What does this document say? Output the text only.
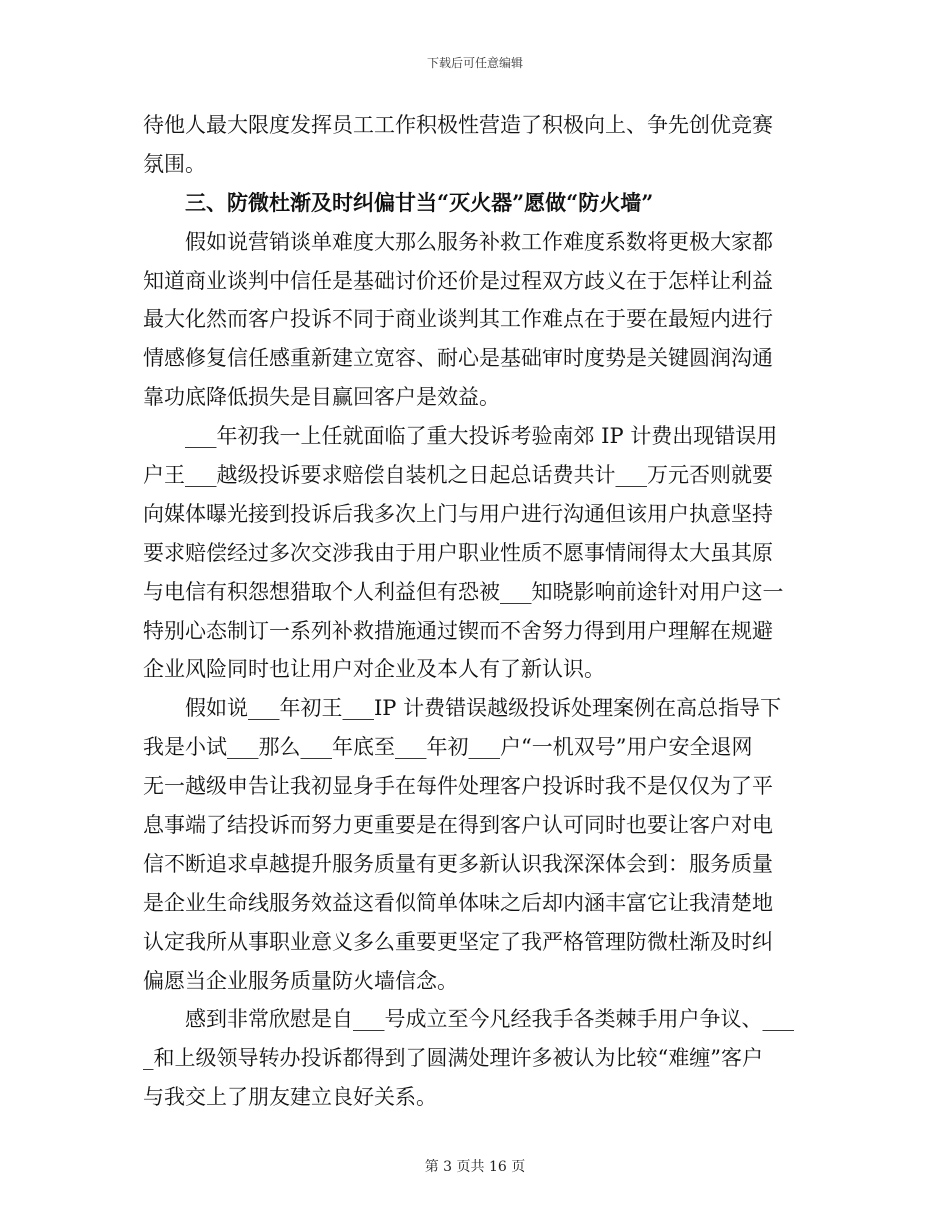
下载后可任意编辑
待他人最大限度发挥员工工作积极性营造了积极向上、争先创优竞赛
氛围。
　　三、防微杜渐及时纠偏甘当“灭火器”愿做“防火墙”
　　假如说营销谈单难度大那么服务补救工作难度系数将更极大家都
知道商业谈判中信任是基础讨价还价是过程双方歧义在于怎样让利益
最大化然而客户投诉不同于商业谈判其工作难点在于要在最短内进行
情感修复信任感重新建立宽容、耐心是基础审时度势是关键圆润沟通
靠功底降低损失是目赢回客户是效益。
　　___年初我一上任就面临了重大投诉考验南郊 IP 计费出现错误用
户王___越级投诉要求赔偿自装机之日起总话费共计___万元否则就要
向媒体曝光接到投诉后我多次上门与用户进行沟通但该用户执意坚持
要求赔偿经过多次交涉我由于用户职业性质不愿事情闹得太大虽其原
与电信有积怨想猎取个人利益但有恐被___知晓影响前途针对用户这一
特别心态制订一系列补救措施通过锲而不舍努力得到用户理解在规避
企业风险同时也让用户对企业及本人有了新认识。
　　假如说___年初王___IP 计费错误越级投诉处理案例在高总指导下
我是小试___那么___年底至___年初___户“一机双号”用户安全退网
无一越级申告让我初显身手在每件处理客户投诉时我不是仅仅为了平
息事端了结投诉而努力更重要是在得到客户认可同时也要让客户对电
信不断追求卓越提升服务质量有更多新认识我深深体会到：服务质量
是企业生命线服务效益这看似简单体味之后却内涵丰富它让我清楚地
认定我所从事职业意义多么重要更坚定了我严格管理防微杜渐及时纠
偏愿当企业服务质量防火墙信念。
　　感到非常欣慰是自___号成立至今凡经我手各类棘手用户争议、___
_和上级领导转办投诉都得到了圆满处理许多被认为比较“难缠”客户
与我交上了朋友建立良好关系。
第 3 页共 16 页
